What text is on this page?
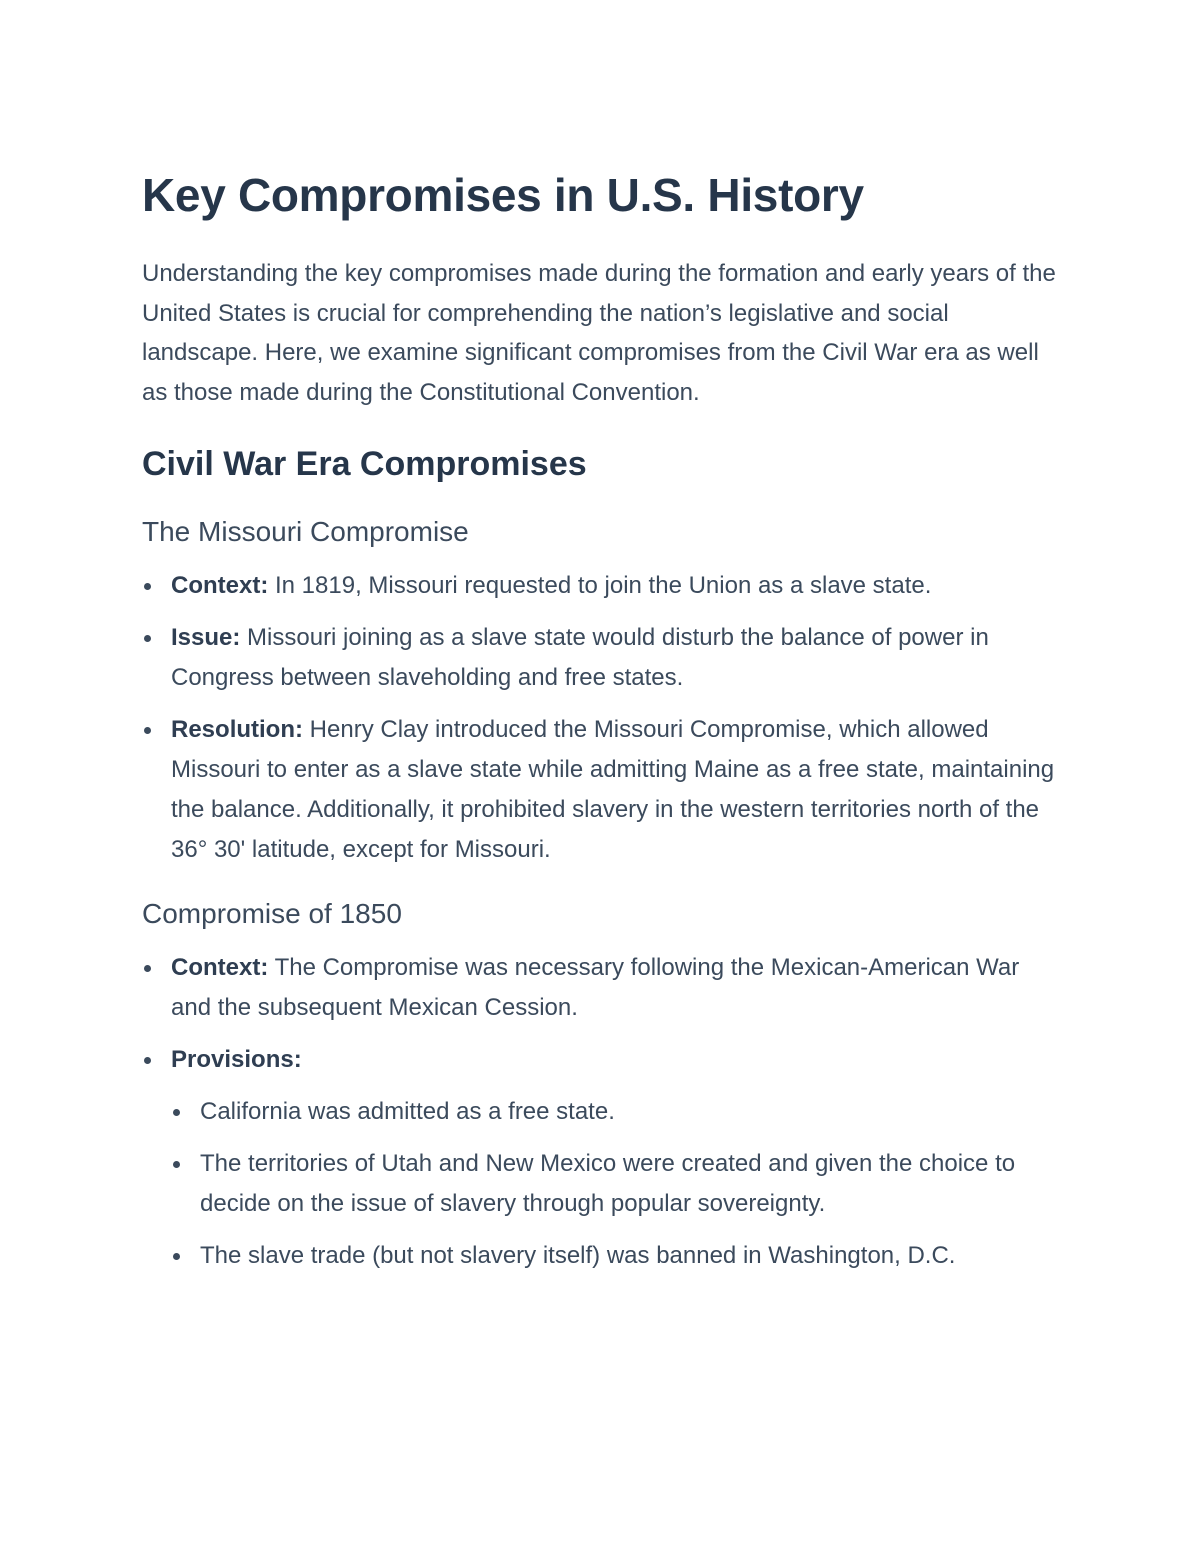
Key Compromises in U.S. History

Understanding the key compromises made during the formation and early years of the United States is crucial for comprehending the nation’s legislative and social landscape. Here, we examine significant compromises from the Civil War era as well as those made during the Constitutional Convention.

Civil War Era Compromises
The Missouri Compromise
Context: In 1819, Missouri requested to join the Union as a slave state.
Issue: Missouri joining as a slave state would disturb the balance of power in Congress between slaveholding and free states.
Resolution: Henry Clay introduced the Missouri Compromise, which allowed Missouri to enter as a slave state while admitting Maine as a free state, maintaining the balance. Additionally, it prohibited slavery in the western territories north of the 36° 30' latitude, except for Missouri.
Compromise of 1850
Context: The Compromise was necessary following the Mexican-American War and the subsequent Mexican Cession.
Provisions:
California was admitted as a free state.
The territories of Utah and New Mexico were created and given the choice to decide on the issue of slavery through popular sovereignty.
The slave trade (but not slavery itself) was banned in Washington, D.C.
